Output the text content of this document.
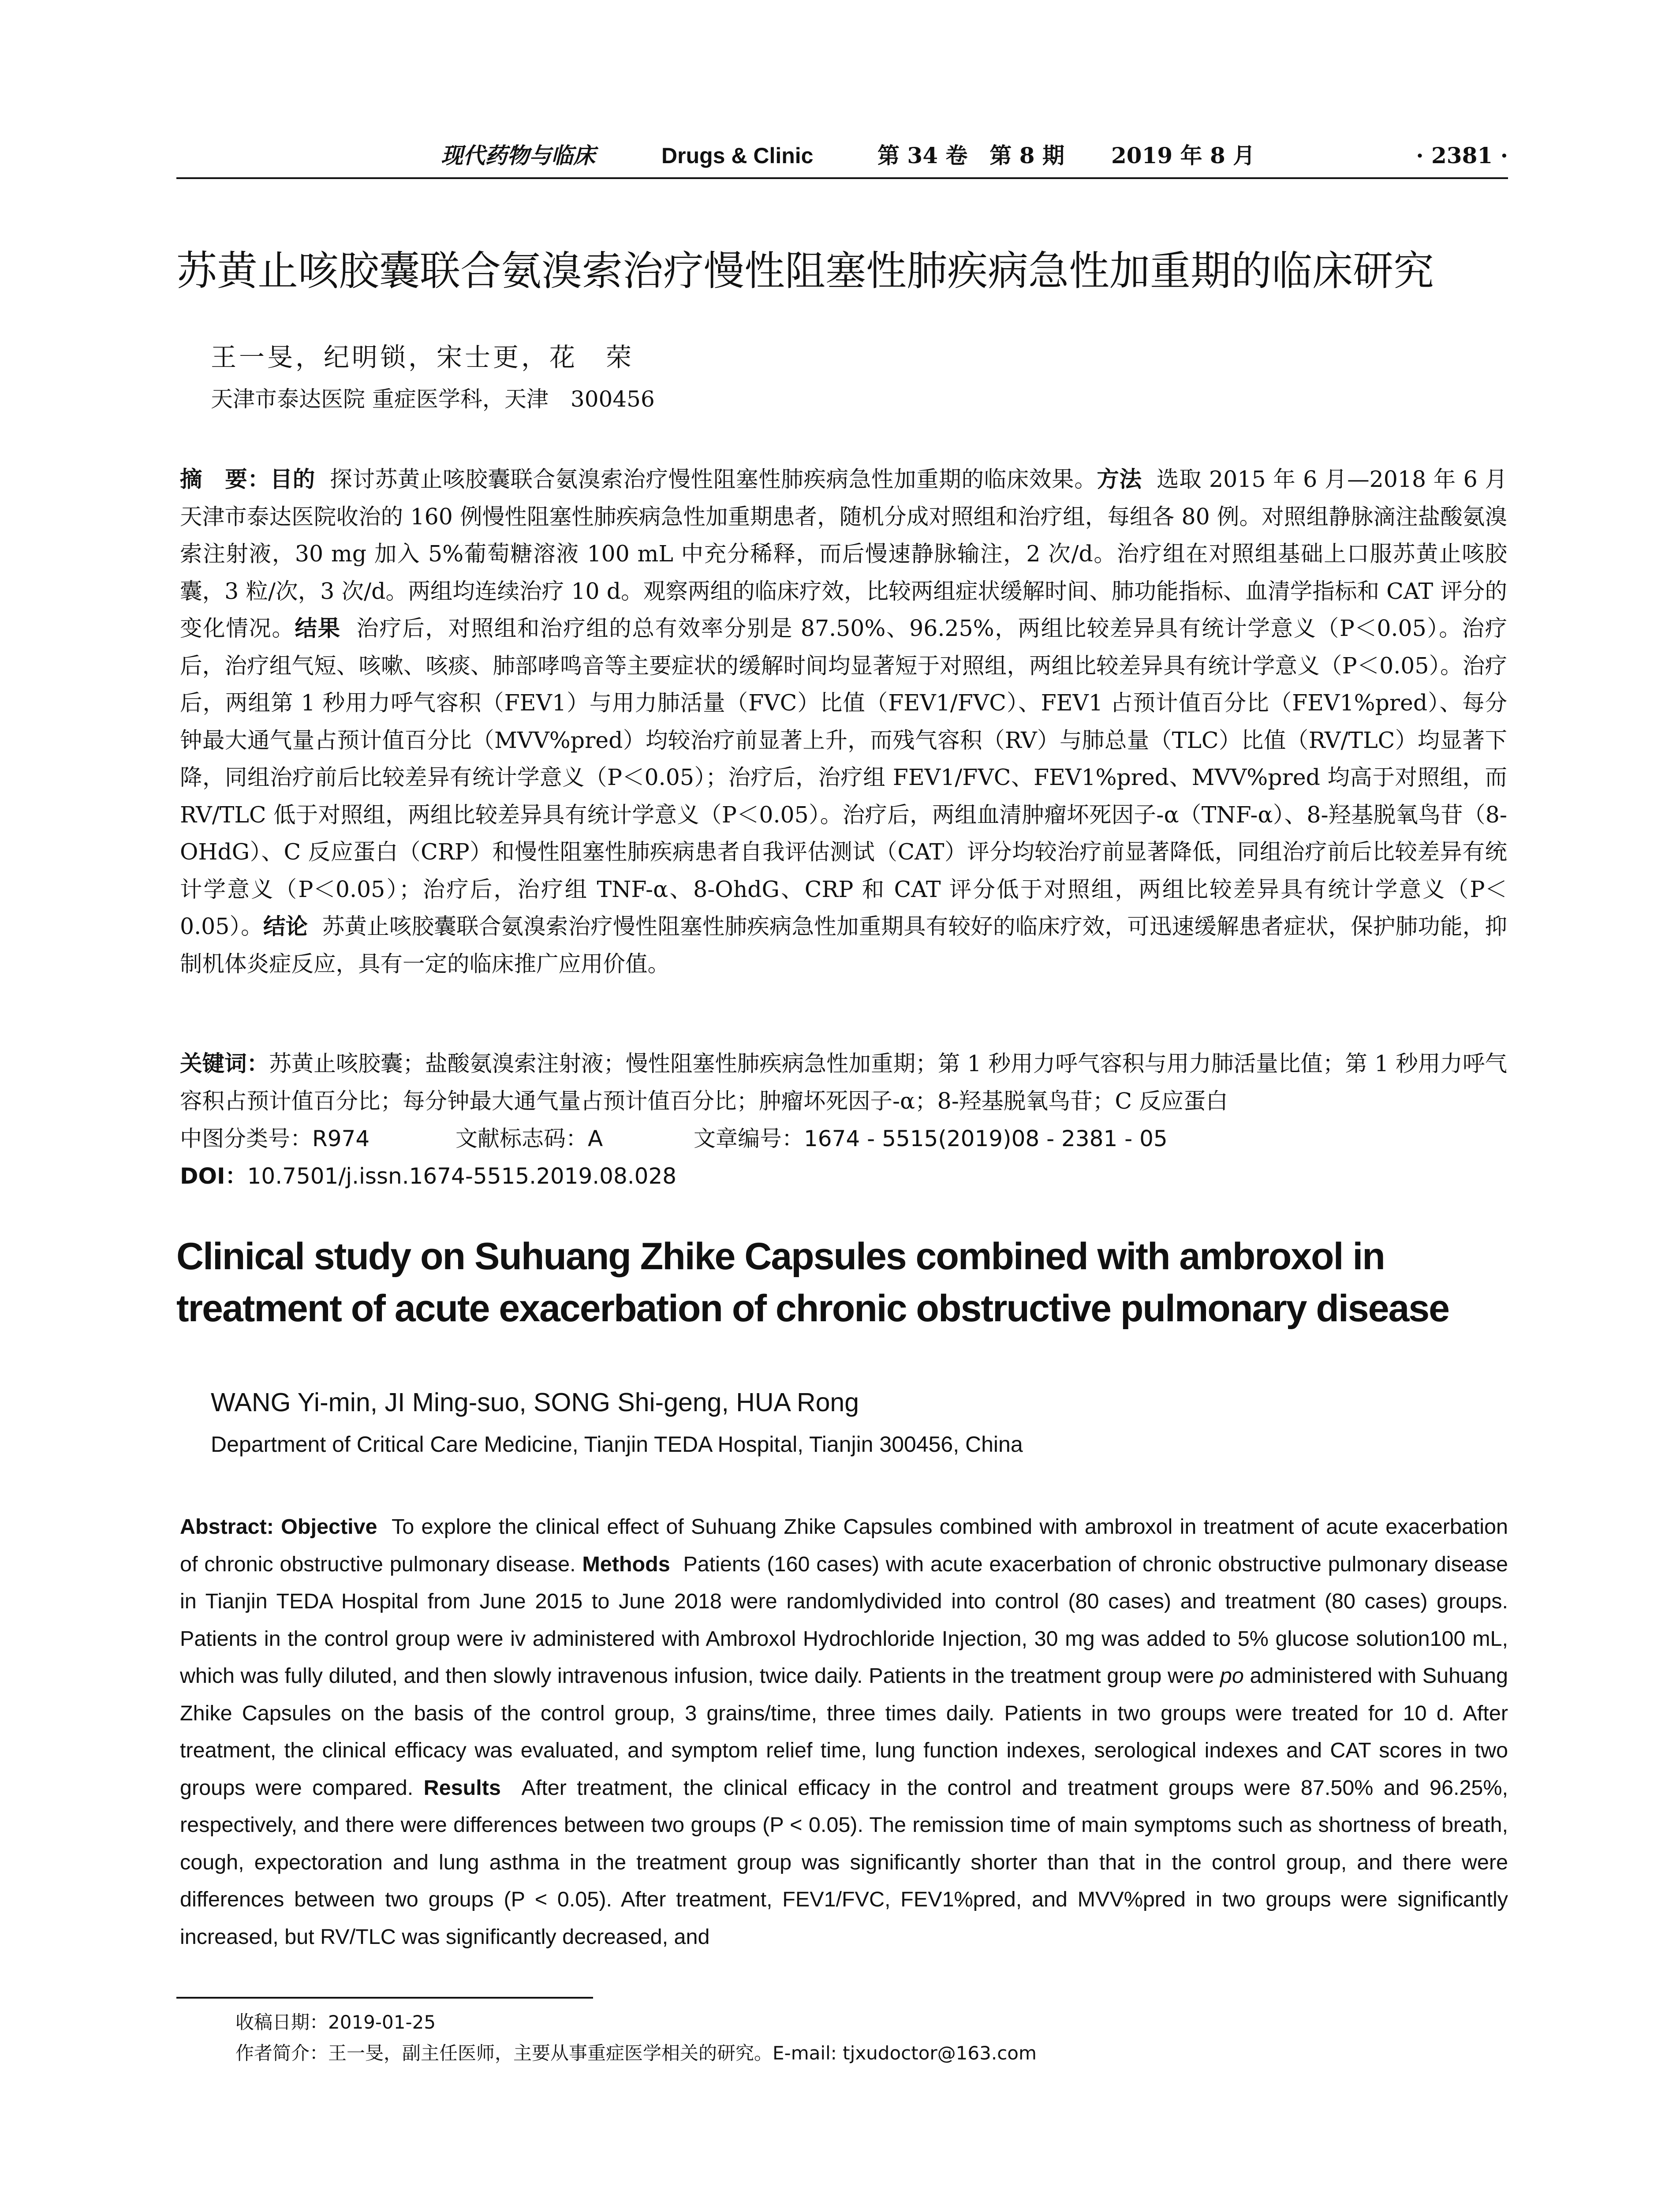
现代药物与临床	Drugs & Clinic	第 34 卷　第 8 期 2019 年 8 月	· 2381 ·
苏黄止咳胶囊联合氨溴索治疗慢性阻塞性肺疾病急性加重期的临床研究
王一旻，纪明锁，宋士更，花　荣
天津市泰达医院 重症医学科，天津　300456
摘　要：目的 探讨苏黄止咳胶囊联合氨溴索治疗慢性阻塞性肺疾病急性加重期的临床效果。方法 选取 2015 年 6 月—2018 年 6 月天津市泰达医院收治的 160 例慢性阻塞性肺疾病急性加重期患者，随机分成对照组和治疗组，每组各 80 例。对照组静脉滴注盐酸氨溴索注射液，30 mg 加入 5%葡萄糖溶液 100 mL 中充分稀释，而后慢速静脉输注，2 次/d。治疗组在对照组基础上口服苏黄止咳胶囊，3 粒/次，3 次/d。两组均连续治疗 10 d。观察两组的临床疗效，比较两组症状缓解时间、肺功能指标、血清学指标和 CAT 评分的变化情况。结果 治疗后，对照组和治疗组的总有效率分别是 87.50%、96.25%，两组比较差异具有统计学意义（P＜0.05）。治疗后，治疗组气短、咳嗽、咳痰、肺部哮鸣音等主要症状的缓解时间均显著短于对照组，两组比较差异具有统计学意义（P＜0.05）。治疗后，两组第 1 秒用力呼气容积（FEV1）与用力肺活量（FVC）比值（FEV1/FVC）、FEV1 占预计值百分比（FEV1%pred）、每分钟最大通气量占预计值百分比（MVV%pred）均较治疗前显著上升，而残气容积（RV）与肺总量（TLC）比值（RV/TLC）均显著下降，同组治疗前后比较差异有统计学意义（P＜0.05）；治疗后，治疗组 FEV1/FVC、FEV1%pred、MVV%pred 均高于对照组，而 RV/TLC 低于对照组，两组比较差异具有统计学意义（P＜0.05）。治疗后，两组血清肿瘤坏死因子-α（TNF-α）、8-羟基脱氧鸟苷（8-OHdG）、C 反应蛋白（CRP）和慢性阻塞性肺疾病患者自我评估测试（CAT）评分均较治疗前显著降低，同组治疗前后比较差异有统计学意义（P＜0.05）；治疗后，治疗组 TNF-α、8-OhdG、CRP 和 CAT 评分低于对照组，两组比较差异具有统计学意义（P＜0.05）。结论 苏黄止咳胶囊联合氨溴索治疗慢性阻塞性肺疾病急性加重期具有较好的临床疗效，可迅速缓解患者症状，保护肺功能，抑制机体炎症反应，具有一定的临床推广应用价值。
关键词：苏黄止咳胶囊；盐酸氨溴索注射液；慢性阻塞性肺疾病急性加重期；第 1 秒用力呼气容积与用力肺活量比值；第 1 秒用力呼气容积占预计值百分比；每分钟最大通气量占预计值百分比；肿瘤坏死因子-α；8-羟基脱氧鸟苷；C 反应蛋白
中图分类号：R974	文献标志码：A	文章编号：1674 - 5515(2019)08 - 2381 - 05
DOI：10.7501/j.issn.1674-5515.2019.08.028
Clinical study on Suhuang Zhike Capsules combined with ambroxol in treatment of acute exacerbation of chronic obstructive pulmonary disease
WANG Yi-min, JI Ming-suo, SONG Shi-geng, HUA Rong
Department of Critical Care Medicine, Tianjin TEDA Hospital, Tianjin 300456, China
Abstract: Objective To explore the clinical effect of Suhuang Zhike Capsules combined with ambroxol in treatment of acute exacerbation of chronic obstructive pulmonary disease. Methods Patients (160 cases) with acute exacerbation of chronic obstructive pulmonary disease in Tianjin TEDA Hospital from June 2015 to June 2018 were randomlydivided into control (80 cases) and treatment (80 cases) groups. Patients in the control group were iv administered with Ambroxol Hydrochloride Injection, 30 mg was added to 5% glucose solution100 mL, which was fully diluted, and then slowly intravenous infusion, twice daily. Patients in the treatment group were po administered with Suhuang Zhike Capsules on the basis of the control group, 3 grains/time, three times daily. Patients in two groups were treated for 10 d. After treatment, the clinical efficacy was evaluated, and symptom relief time, lung function indexes, serological indexes and CAT scores in two groups were compared. Results After treatment, the clinical efficacy in the control and treatment groups were 87.50% and 96.25%, respectively, and there were differences between two groups (P < 0.05). The remission time of main symptoms such as shortness of breath, cough, expectoration and lung asthma in the treatment group was significantly shorter than that in the control group, and there were differences between two groups (P < 0.05). After treatment, FEV1/FVC, FEV1%pred, and MVV%pred in two groups were significantly increased, but RV/TLC was significantly decreased, and
收稿日期：2019-01-25
作者简介：王一旻，副主任医师，主要从事重症医学相关的研究。E-mail: tjxudoctor@163.com
